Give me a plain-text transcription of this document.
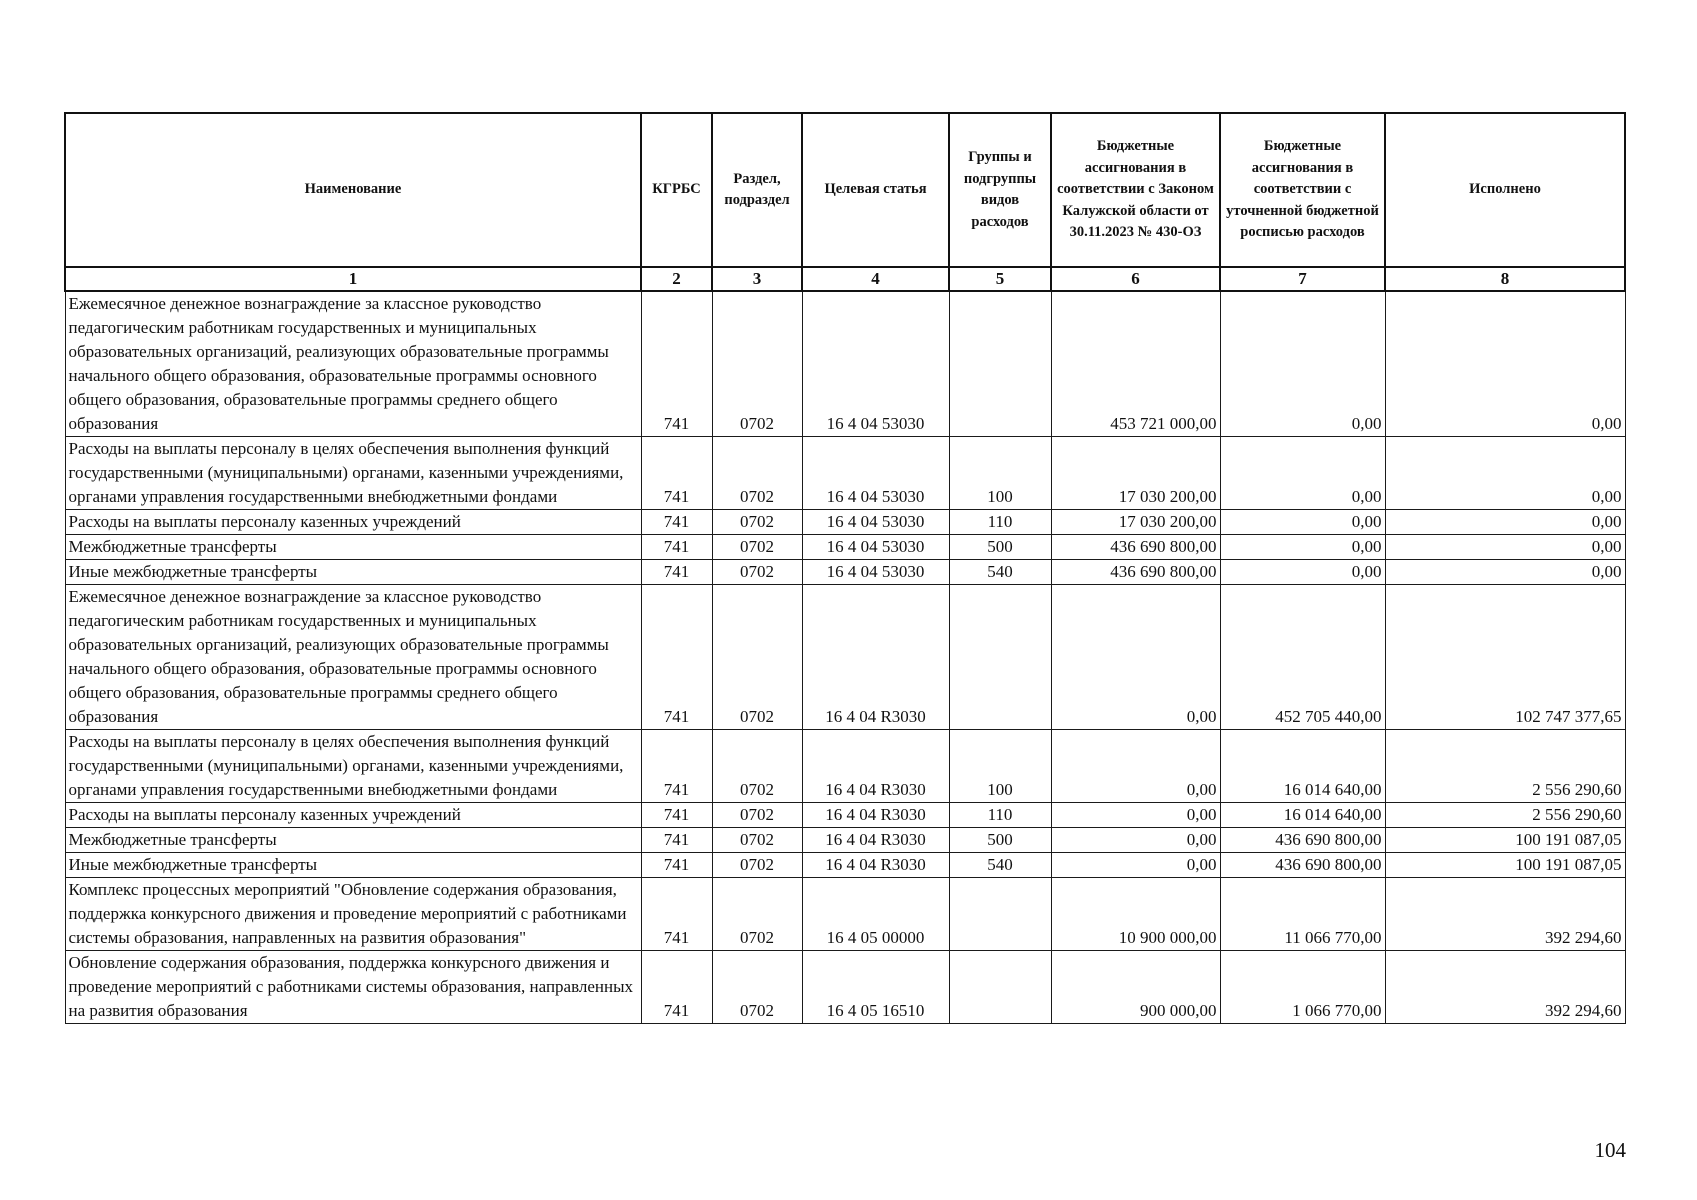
Наименование	КГРБС	Раздел, подраздел	Целевая статья	Группы и подгруппы видов расходов	Бюджетные ассигнования в соответствии с Законом Калужской области от 30.11.2023 № 430-ОЗ	Бюджетные ассигнования в соответствии с уточненной бюджетной росписью расходов	Исполнено
1	2	3	4	5	6	7	8
Ежемесячное денежное вознаграждение за классное руководство педагогическим работникам государственных и муниципальных образовательных организаций, реализующих образовательные программы начального общего образования, образовательные программы основного общего образования, образовательные программы среднего общего образования	741	0702	16 4 04 53030		453 721 000,00	0,00	0,00
Расходы на выплаты персоналу в целях обеспечения выполнения функций государственными (муниципальными) органами, казенными учреждениями, органами управления государственными внебюджетными фондами	741	0702	16 4 04 53030	100	17 030 200,00	0,00	0,00
Расходы на выплаты персоналу казенных учреждений	741	0702	16 4 04 53030	110	17 030 200,00	0,00	0,00
Межбюджетные трансферты	741	0702	16 4 04 53030	500	436 690 800,00	0,00	0,00
Иные межбюджетные трансферты	741	0702	16 4 04 53030	540	436 690 800,00	0,00	0,00
Ежемесячное денежное вознаграждение за классное руководство педагогическим работникам государственных и муниципальных образовательных организаций, реализующих образовательные программы начального общего образования, образовательные программы основного общего образования, образовательные программы среднего общего образования	741	0702	16 4 04 R3030		0,00	452 705 440,00	102 747 377,65
Расходы на выплаты персоналу в целях обеспечения выполнения функций государственными (муниципальными) органами, казенными учреждениями, органами управления государственными внебюджетными фондами	741	0702	16 4 04 R3030	100	0,00	16 014 640,00	2 556 290,60
Расходы на выплаты персоналу казенных учреждений	741	0702	16 4 04 R3030	110	0,00	16 014 640,00	2 556 290,60
Межбюджетные трансферты	741	0702	16 4 04 R3030	500	0,00	436 690 800,00	100 191 087,05
Иные межбюджетные трансферты	741	0702	16 4 04 R3030	540	0,00	436 690 800,00	100 191 087,05
Комплекс процессных мероприятий "Обновление содержания образования, поддержка конкурсного движения и проведение мероприятий с работниками системы образования, направленных на развития образования"	741	0702	16 4 05 00000		10 900 000,00	11 066 770,00	392 294,60
Обновление содержания образования, поддержка конкурсного движения и проведение мероприятий с работниками системы образования, направленных на развития образования	741	0702	16 4 05 16510		900 000,00	1 066 770,00	392 294,60
104
